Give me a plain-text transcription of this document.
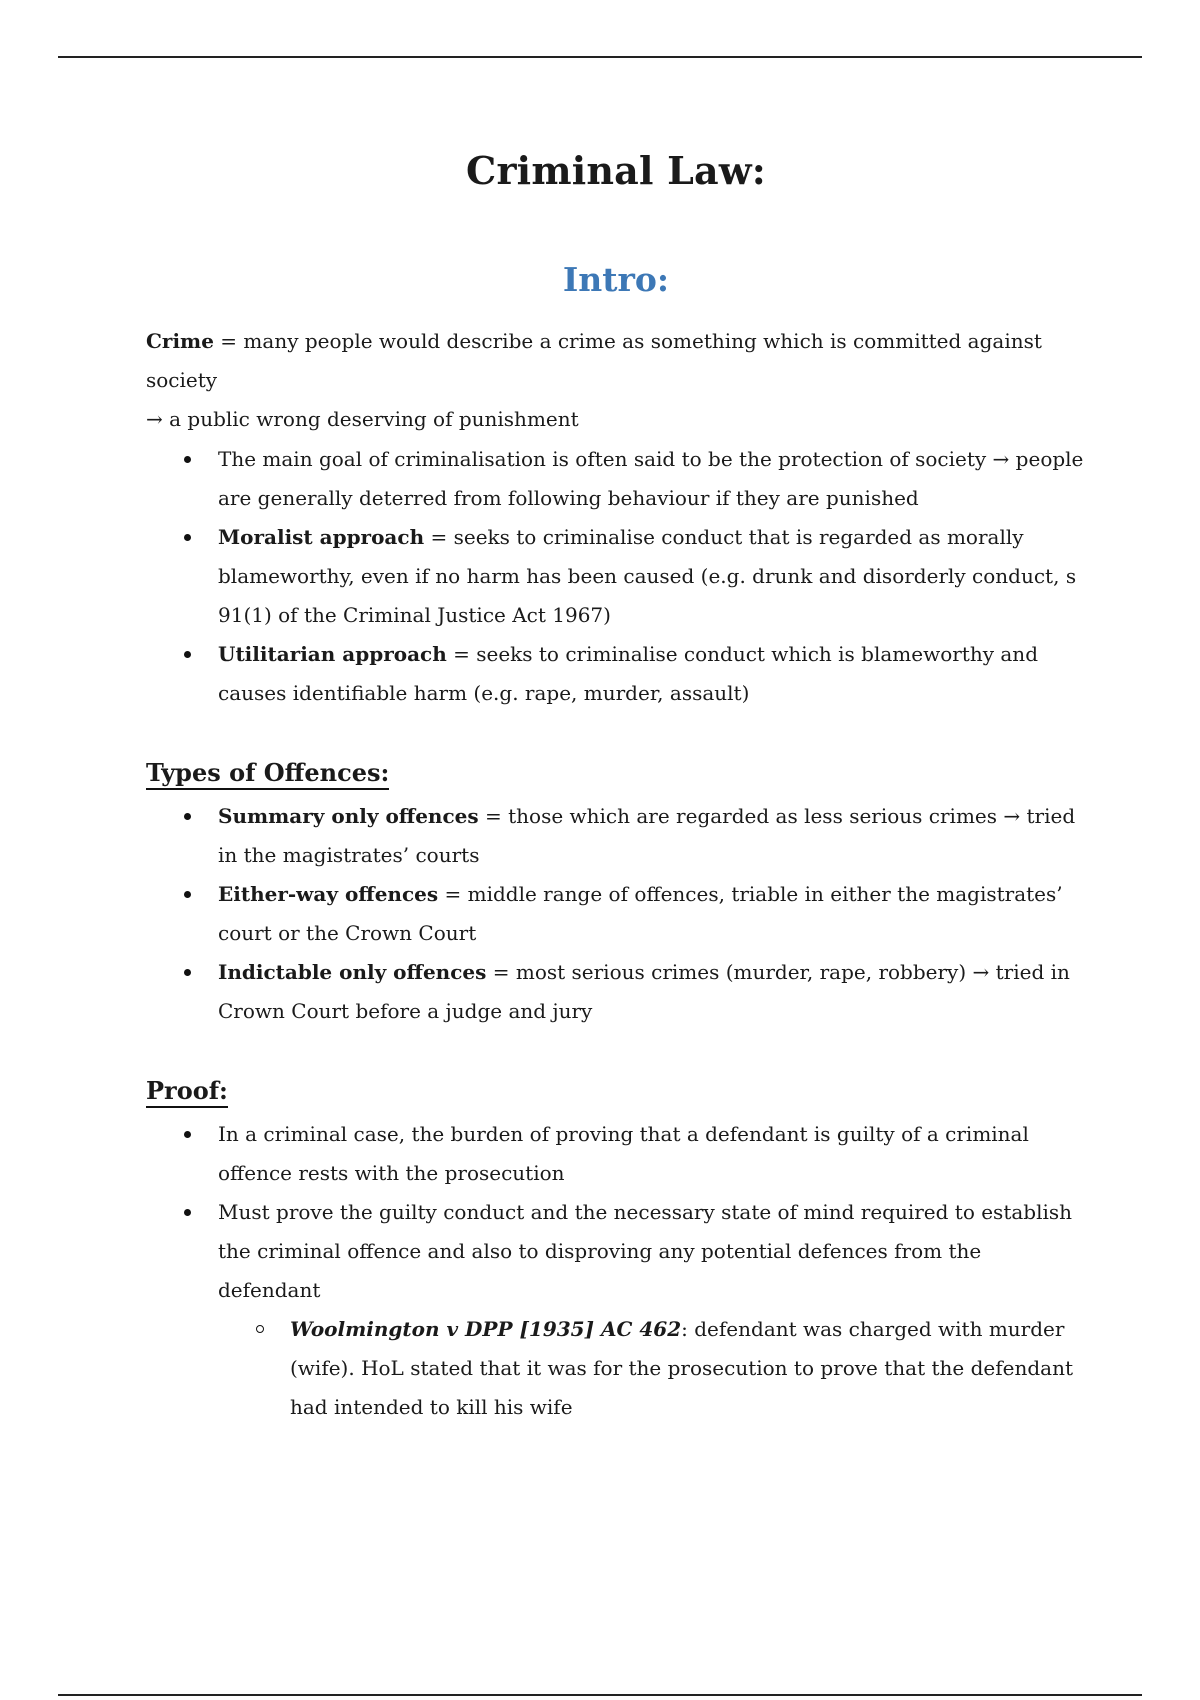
Criminal Law:
Intro:
Crime = many people would describe a crime as something which is committed against society
→ a public wrong deserving of punishment
The main goal of criminalisation is often said to be the protection of society → people are generally deterred from following behaviour if they are punished
Moralist approach = seeks to criminalise conduct that is regarded as morally blameworthy, even if no harm has been caused (e.g. drunk and disorderly conduct, s 91(1) of the Criminal Justice Act 1967)
Utilitarian approach = seeks to criminalise conduct which is blameworthy and causes identifiable harm (e.g. rape, murder, assault)
Types of Offences:
Summary only offences = those which are regarded as less serious crimes → tried in the magistrates’ courts
Either-way offences = middle range of offences, triable in either the magistrates’ court or the Crown Court
Indictable only offences = most serious crimes (murder, rape, robbery) → tried in Crown Court before a judge and jury
Proof:
In a criminal case, the burden of proving that a defendant is guilty of a criminal offence rests with the prosecution
Must prove the guilty conduct and the necessary state of mind required to establish the criminal offence and also to disproving any potential defences from the defendant
Woolmington v DPP [1935] AC 462: defendant was charged with murder (wife). HoL stated that it was for the prosecution to prove that the defendant had intended to kill his wife
